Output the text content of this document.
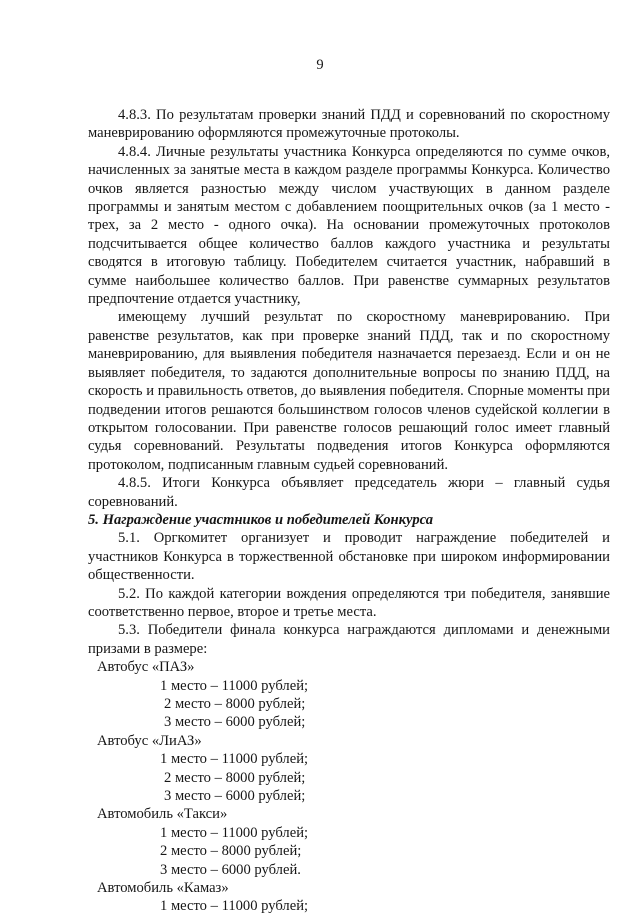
9

4.8.3. По результатам проверки знаний ПДД и соревнований по скоростному маневрированию оформляются промежуточные протоколы.

4.8.4. Личные результаты участника Конкурса определяются по сумме очков, начисленных за занятые места в каждом разделе программы Конкурса. Количество очков является разностью между числом участвующих в данном разделе программы и занятым местом с добавлением поощрительных очков (за 1 место - трех, за 2 место - одного очка). На основании промежуточных протоколов подсчитывается общее количество баллов каждого участника и результаты сводятся в итоговую таблицу. Победителем считается участник, набравший в сумме наибольшее количество баллов. При равенстве суммарных результатов предпочтение отдается участнику,

имеющему лучший результат по скоростному маневрированию. При равенстве результатов, как при проверке знаний ПДД, так и по скоростному маневрированию, для выявления победителя назначается перезаезд. Если и он не выявляет победителя, то задаются дополнительные вопросы по знанию ПДД, на скорость и правильность ответов, до выявления победителя. Спорные моменты при подведении итогов решаются большинством голосов членов судейской коллегии в открытом голосовании. При равенстве голосов решающий голос имеет главный судья соревнований. Результаты подведения итогов Конкурса оформляются протоколом, подписанным главным судьей соревнований.

4.8.5. Итоги Конкурса объявляет председатель жюри – главный судья соревнований.

5. Награждение участников и победителей Конкурса

5.1. Оргкомитет организует и проводит награждение победителей и участников Конкурса в торжественной обстановке при широком информировании общественности.

5.2. По каждой категории вождения определяются три победителя, занявшие соответственно первое, второе и третье места.

5.3. Победители финала конкурса награждаются дипломами и денежными призами в размере:

Автобус «ПАЗ»
1 место – 11000 рублей;
2 место – 8000 рублей;
3 место – 6000 рублей;
Автобус «ЛиАЗ»
1 место – 11000 рублей;
2 место – 8000 рублей;
3 место – 6000 рублей;
Автомобиль «Такси»
1 место – 11000 рублей;
2 место – 8000 рублей;
3 место – 6000 рублей.
Автомобиль «Камаз»
1 место – 11000 рублей;
